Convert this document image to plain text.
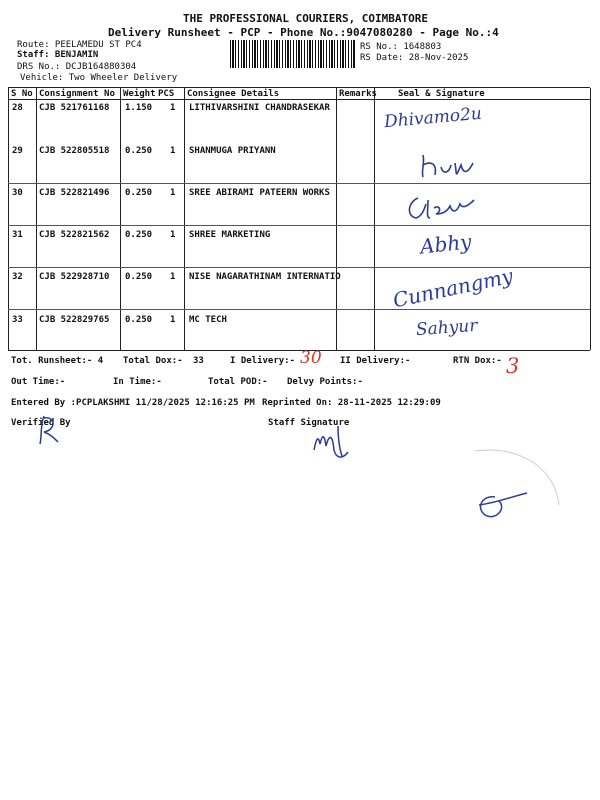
THE PROFESSIONAL COURIERS, COIMBATORE
Delivery Runsheet - PCP - Phone No.:9047080280 - Page No.:4
Route: PEELAMEDU ST PC4
Staff: BENJAMIN
DRS No.: DCJB164880304
Vehicle: Two Wheeler Delivery
RS No.: 1648803
RS Date: 28-Nov-2025
S No Consignment No Weight PCS Consignee Details	Remarks Seal & Signature
28 CJB 521761168 1.150 1 LITHIVARSHINI CHANDRASEKAR
29 CJB 522805518 0.250 1 SHANMUGA PRIYANN
30 CJB 522821496 0.250 1 SREE ABIRAMI PATEERN WORKS
31 CJB 522821562 0.250 1 SHREE MARKETING
32 CJB 522928710 0.250 1 NISE NAGARATHINAM INTERNATIO
33 CJB 522829765 0.250 1 MC TECH
Dhivamo2u
Abhy
Cunnangmy
Sahyur
Tot. Runsheet:- 4 Total Dox:- 33	I Delivery:- 30 II Delivery:-	RTN Dox:- 3
Out Time:-	In Time:-	Total POD:- Delvy Points:-
Entered By :PCPLAKSHMI 11/28/2025 12:16:25 PM Reprinted On: 28-11-2025 12:29:09
Verified By	Staff Signature
